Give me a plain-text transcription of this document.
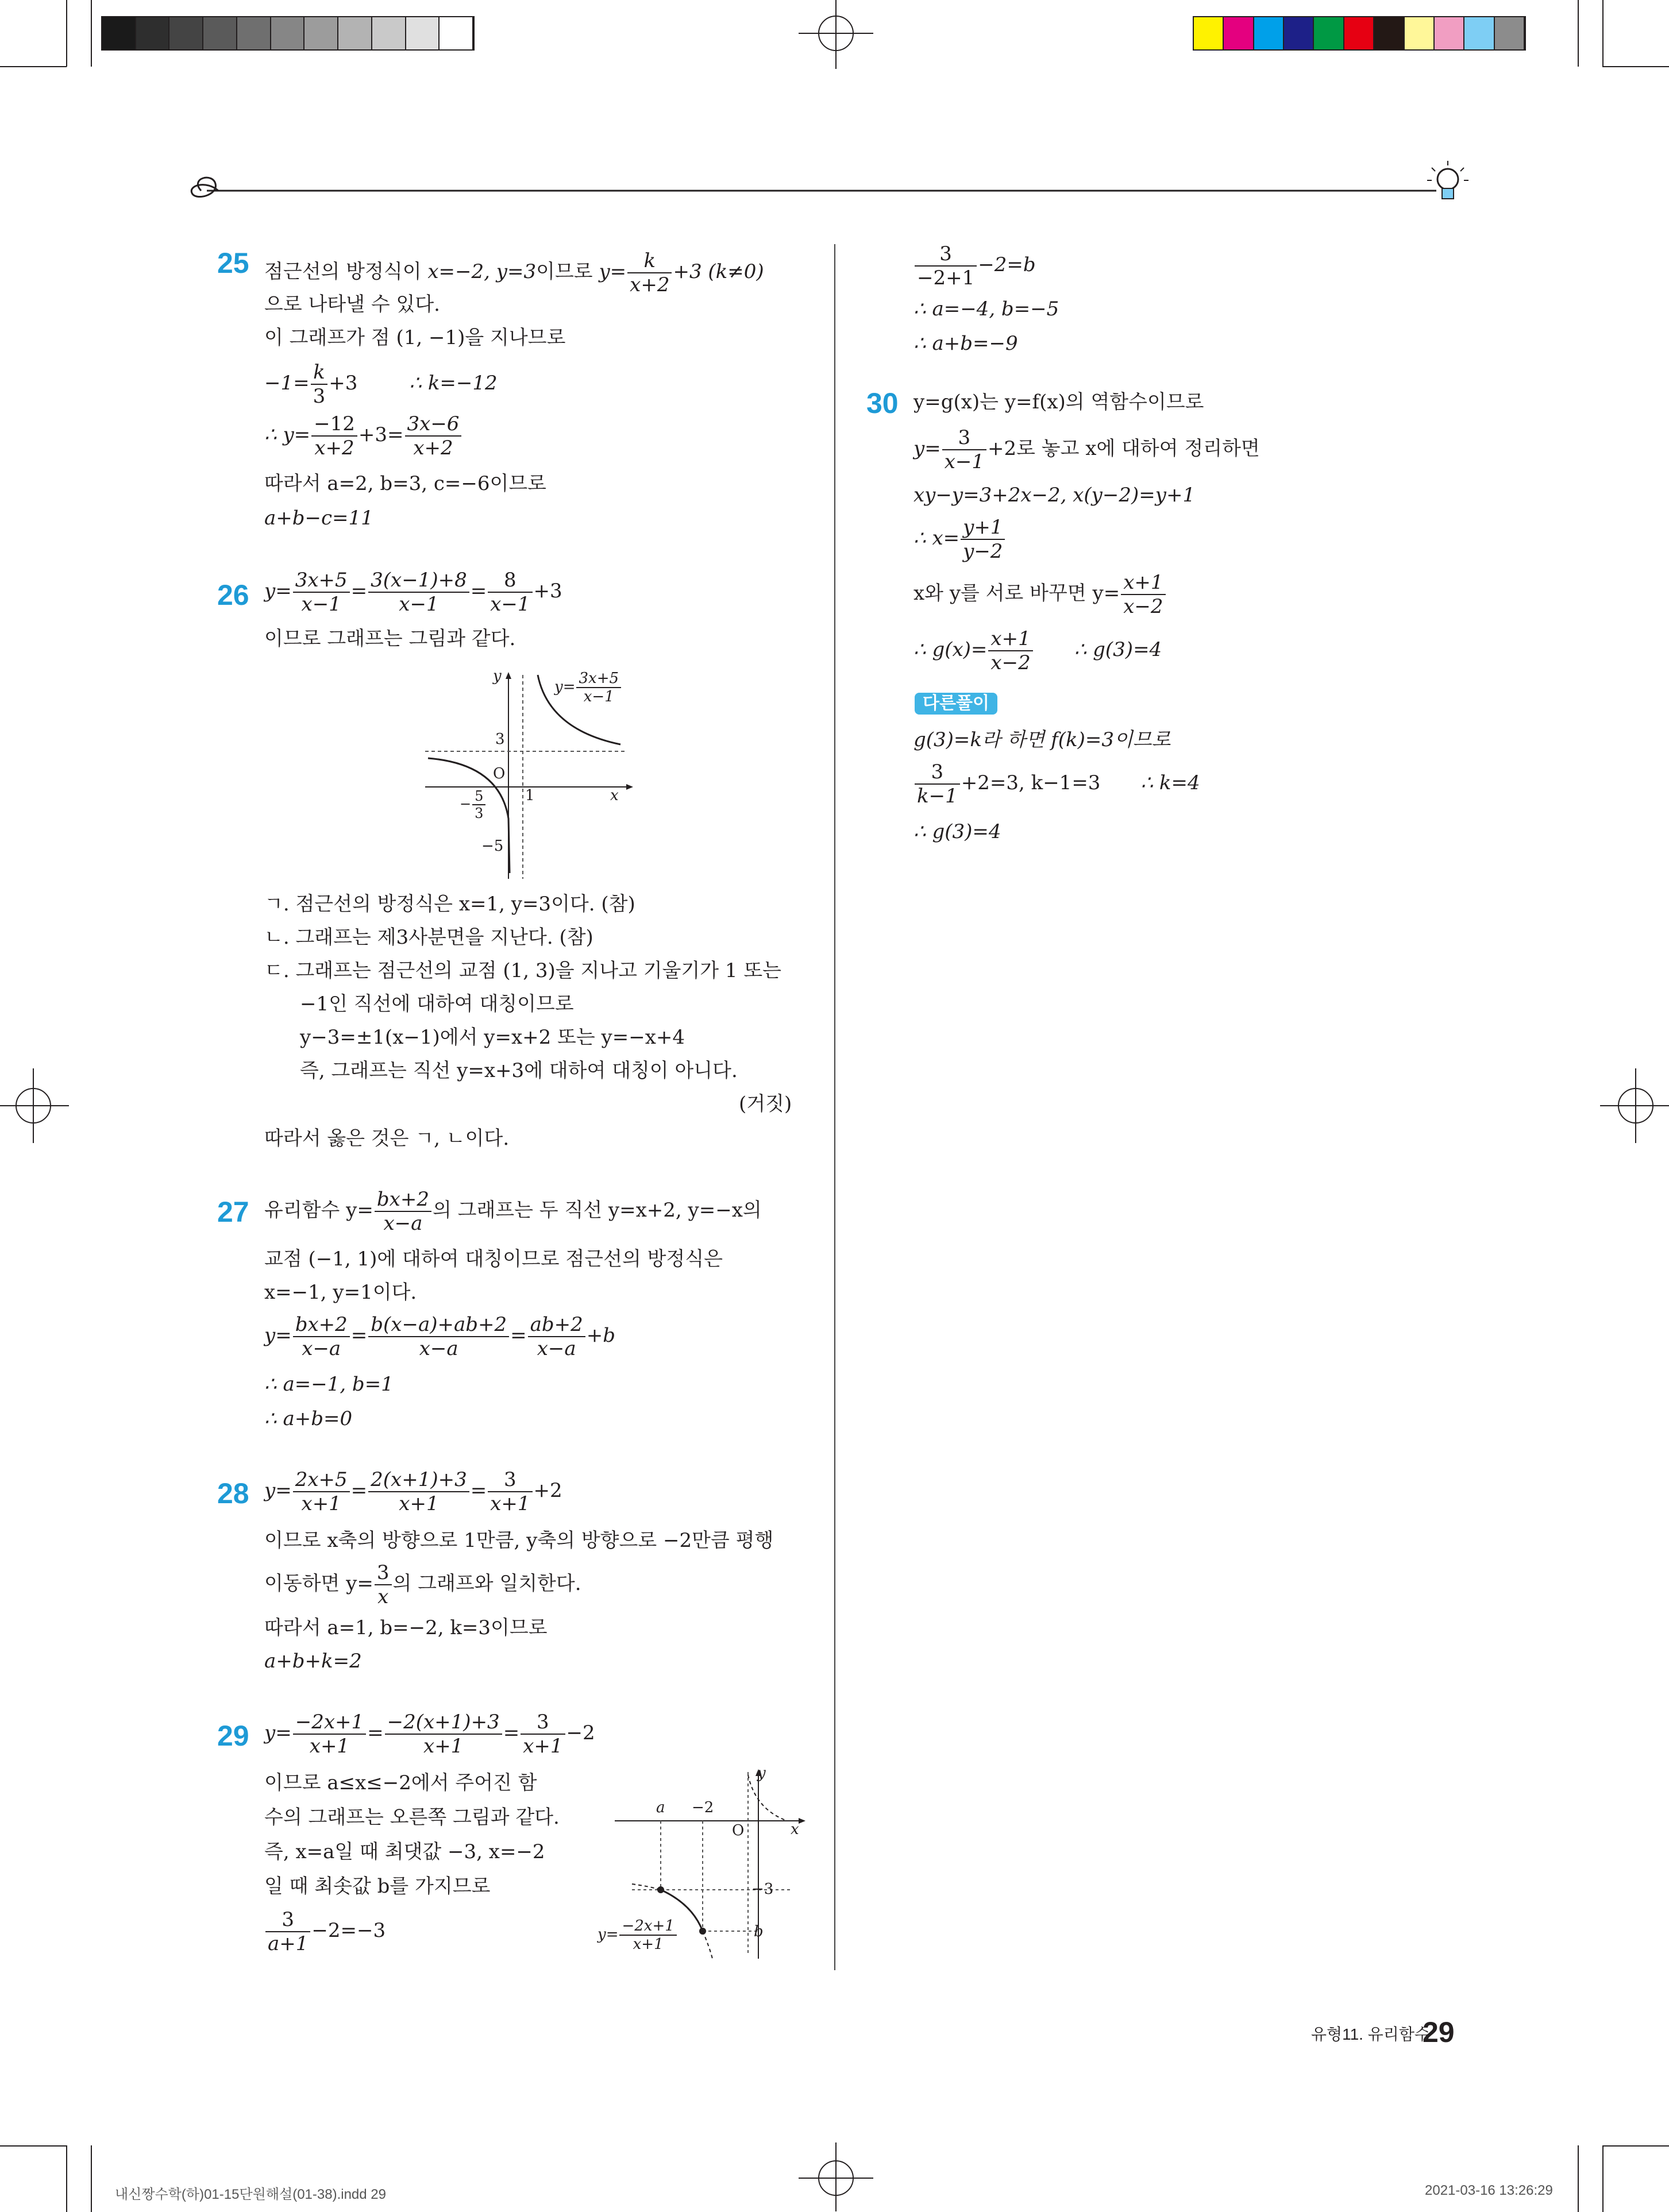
25 점근선의 방정식이 x=−2, y=3이므로 $y= \frac{k}{x+2} +3$ (k≠0)
으로 나타낼 수 있다.
이 그래프가 점 (1, −1)을 지나므로
$-1= \frac{k}{3} +3$	∴ k=−12
∴ $y= \frac{-12}{x+2} +3= \frac{3x-6}{x+2}$
따라서 a=2, b=3, c=−6이므로
a+b−c=11
26 $y= \frac{3x+5}{x-1} = \frac{3(x-1)+8}{x-1} = \frac{8}{x-1} +3$
이므로 그래프는 그림과 같다.
y
x
O
3
1
− $\frac{5}{3}$
−5
$y= \frac{3x+5}{x-1}$
ㄱ. 점근선의 방정식은 x=1, y=3이다. (참)
ㄴ. 그래프는 제3사분면을 지난다. (참)
ㄷ. 그래프는 점근선의 교점 (1, 3)을 지나고 기울기가 1 또는
−1인 직선에 대하여 대칭이므로
y−3=±1(x−1)에서 y=x+2 또는 y=−x+4
즉, 그래프는 직선 y=x+3에 대하여 대칭이 아니다.
(거짓)
따라서 옳은 것은 ㄱ, ㄴ이다.
27 유리함수 $y= \frac{bx+2}{x-a}$ 의 그래프는 두 직선 y=x+2, y=−x의
교점 (−1, 1)에 대하여 대칭이므로 점근선의 방정식은
x=−1, y=1이다.
$y= \frac{bx+2}{x-a} = \frac{b(x-a)+ab+2}{x-a} = \frac{ab+2}{x-a} +b$
∴ a=−1, b=1
∴ a+b=0
28 $y= \frac{2x+5}{x+1} = \frac{2(x+1)+3}{x+1} = \frac{3}{x+1} +2$
이므로 x축의 방향으로 1만큼, y축의 방향으로 −2만큼 평행
이동하면 $y= \frac{3}{x}$ 의 그래프와 일치한다.
따라서 a=1, b=−2, k=3이므로
a+b+k=2
29 $y= \frac{-2x+1}{x+1} = \frac{-2(x+1)+3}{x+1} = \frac{3}{x+1} -2$
이므로 a≤x≤−2에서 주어진 함
수의 그래프는 오른쪽 그림과 같다.
즉, x=a일 때 최댓값 −3, x=−2
일 때 최솟값 b를 가지므로
$\frac{3}{a+1} -2=-3$
y
x
O
a −2
−3
b
$y= \frac{-2x+1}{x+1}$
$\frac{3}{-2+1} -2=b$
∴ a=−4, b=−5
∴ a+b=−9
30 y=g(x)는 y=f(x)의 역함수이므로
$y= \frac{3}{x-1} +2$로 놓고 x에 대하여 정리하면
xy−y=3+2x−2, x(y−2)=y+1
∴ $x= \frac{y+1}{y-2}$
x와 y를 서로 바꾸면 $y= \frac{x+1}{x-2}$
∴ $g(x)= \frac{x+1}{x-2}$ ∴ g(3)=4
다른풀이
g(3)=k라 하면 f(k)=3이므로
$\frac{3}{k-1} +2=3$, k−1=3 ∴ k=4
∴ g(3)=4
유형11. 유리함수
29
내신짱수학(하)01-15단원해설(01-38).indd 29	2021-03-16 13:26:29
